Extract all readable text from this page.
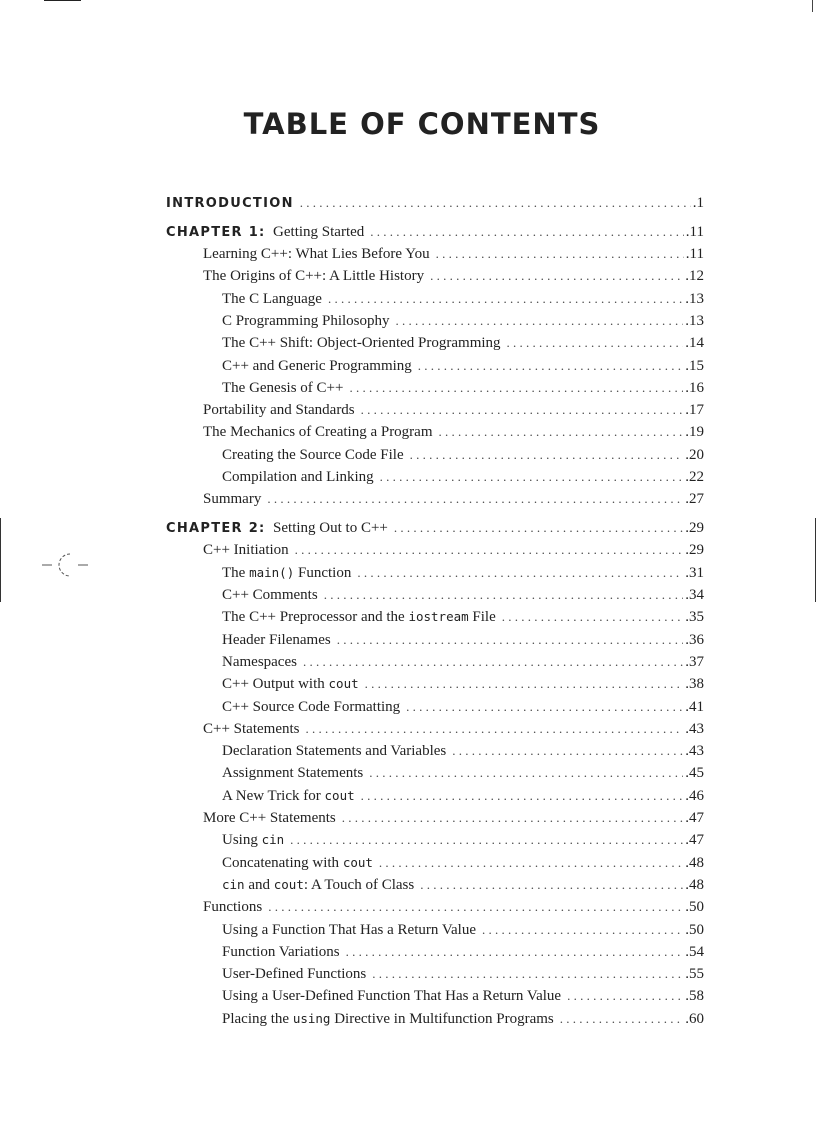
TABLE OF CONTENTS
INTRODUCTION . . .	.1
CHAPTER 1:  Getting Started . . .	.11
Learning C++: What Lies Before You . . .	.11
The Origins of C++: A Little History . . .	.12
The C Language . . .	.13
C Programming Philosophy . . .	.13
The C++ Shift: Object-Oriented Programming . . .	.14
C++ and Generic Programming . . .	.15
The Genesis of C++ . . .	.16
Portability and Standards . . .	.17
The Mechanics of Creating a Program . . .	.19
Creating the Source Code File . . .	.20
Compilation and Linking . . .	.22
Summary . . .	.27
CHAPTER 2:  Setting Out to C++ . . .	.29
C++ Initiation . . .	.29
The main() Function . . .	.31
C++ Comments . . .	.34
The C++ Preprocessor and the iostream File . . .	.35
Header Filenames . . .	.36
Namespaces . . .	.37
C++ Output with cout . . .	.38
C++ Source Code Formatting . . .	.41
C++ Statements . . .	.43
Declaration Statements and Variables . . .	.43
Assignment Statements . . .	.45
A New Trick for cout . . .	.46
More C++ Statements . . .	.47
Using cin . . .	.47
Concatenating with cout . . .	.48
cin and cout: A Touch of Class . . .	.48
Functions . . .	.50
Using a Function That Has a Return Value . . .	.50
Function Variations . . .	.54
User-Defined Functions . . .	.55
Using a User-Defined Function That Has a Return Value . . .	.58
Placing the using Directive in Multifunction Programs . . .	.60
